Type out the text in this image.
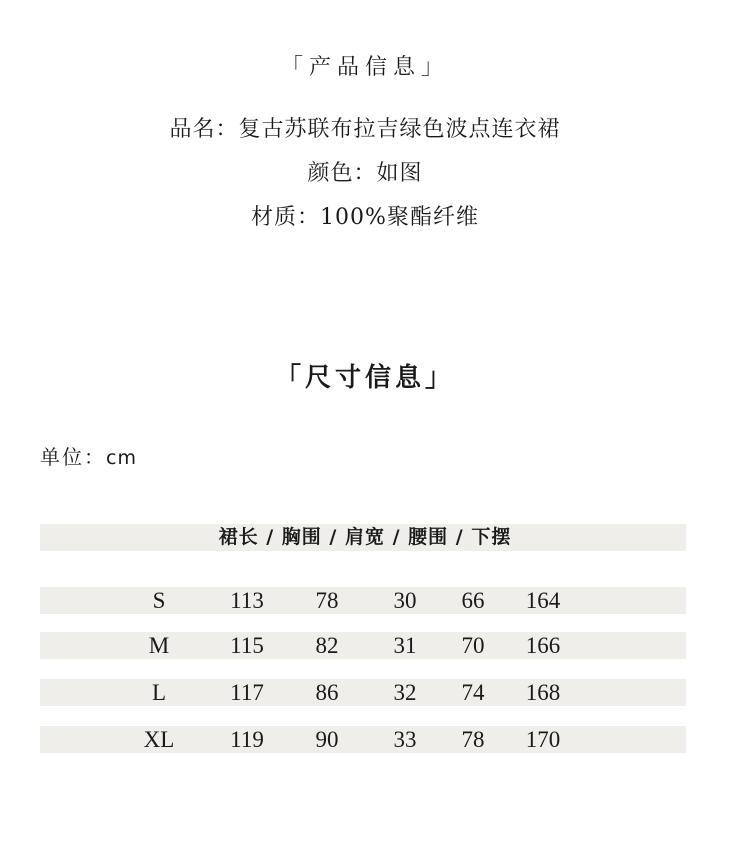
「产品信息」
品名：复古苏联布拉吉绿色波点连衣裙
颜色：如图
材质：100%聚酯纤维
「尺寸信息」
单位：cm
裙长 / 胸围 / 肩宽 / 腰围 / 下摆
S	113	78	30	66	164
M	115	82	31	70	166
L	117	86	32	74	168
XL	119	90	33	78	170
